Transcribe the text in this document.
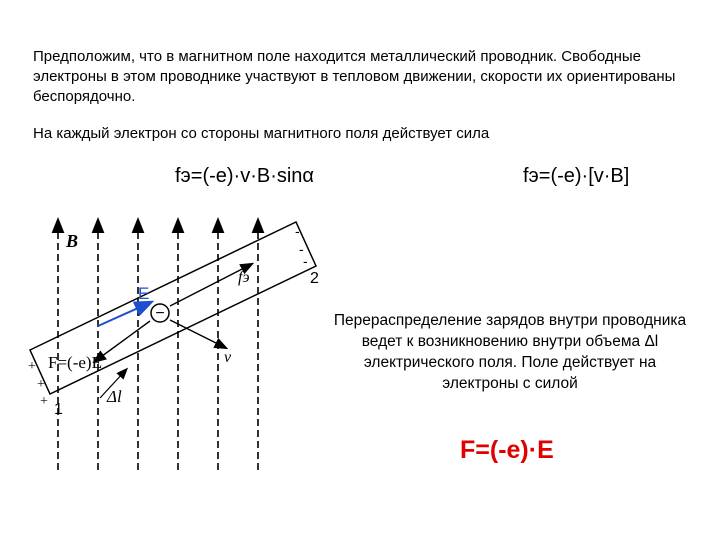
Предположим, что в магнитном поле находится металлический проводник. Свободные электроны в этом проводнике участвуют в тепловом движении, скорости их ориентированы беспорядочно.

На каждый электрон со стороны магнитного поля действует сила

fэ=(-е)·v·B·sinα	fэ=(-е)·[v·B]
−
B
E
fэ
v
F=(-e)E
Δl
1
2
+
+
+
-
-
-
Перераспределение зарядов внутри проводника ведет к возникновению внутри объема Δl электрического поля. Поле действует на электроны с силой
F=(-е)·Е
